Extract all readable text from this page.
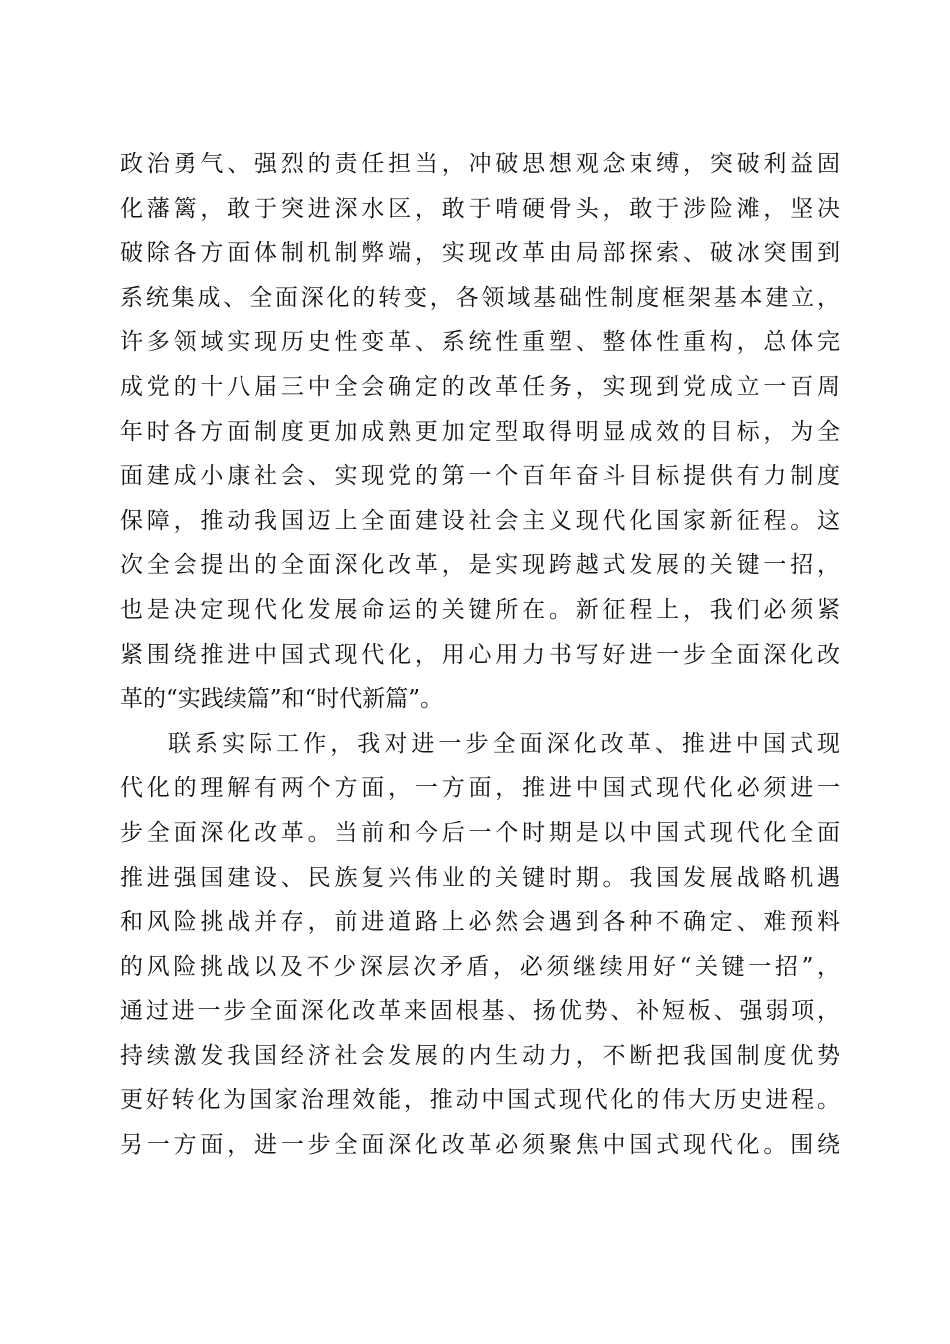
政治勇气、强烈的责任担当，冲破思想观念束缚，突破利益固
化藩篱，敢于突进深水区，敢于啃硬骨头，敢于涉险滩，坚决
破除各方面体制机制弊端，实现改革由局部探索、破冰突围到
系统集成、全面深化的转变，各领域基础性制度框架基本建立，
许多领域实现历史性变革、系统性重塑、整体性重构，总体完
成党的十八届三中全会确定的改革任务，实现到党成立一百周
年时各方面制度更加成熟更加定型取得明显成效的目标，为全
面建成小康社会、实现党的第一个百年奋斗目标提供有力制度
保障，推动我国迈上全面建设社会主义现代化国家新征程。这
次全会提出的全面深化改革，是实现跨越式发展的关键一招，
也是决定现代化发展命运的关键所在。新征程上，我们必须紧
紧围绕推进中国式现代化，用心用力书写好进一步全面深化改
革的“实践续篇”和“时代新篇”。
联系实际工作，我对进一步全面深化改革、推进中国式现
代化的理解有两个方面，一方面，推进中国式现代化必须进一
步全面深化改革。当前和今后一个时期是以中国式现代化全面
推进强国建设、民族复兴伟业的关键时期。我国发展战略机遇
和风险挑战并存，前进道路上必然会遇到各种不确定、难预料
的风险挑战以及不少深层次矛盾，必须继续用好“关键一招”，
通过进一步全面深化改革来固根基、扬优势、补短板、强弱项，
持续激发我国经济社会发展的内生动力，不断把我国制度优势
更好转化为国家治理效能，推动中国式现代化的伟大历史进程。
另一方面，进一步全面深化改革必须聚焦中国式现代化。围绕
